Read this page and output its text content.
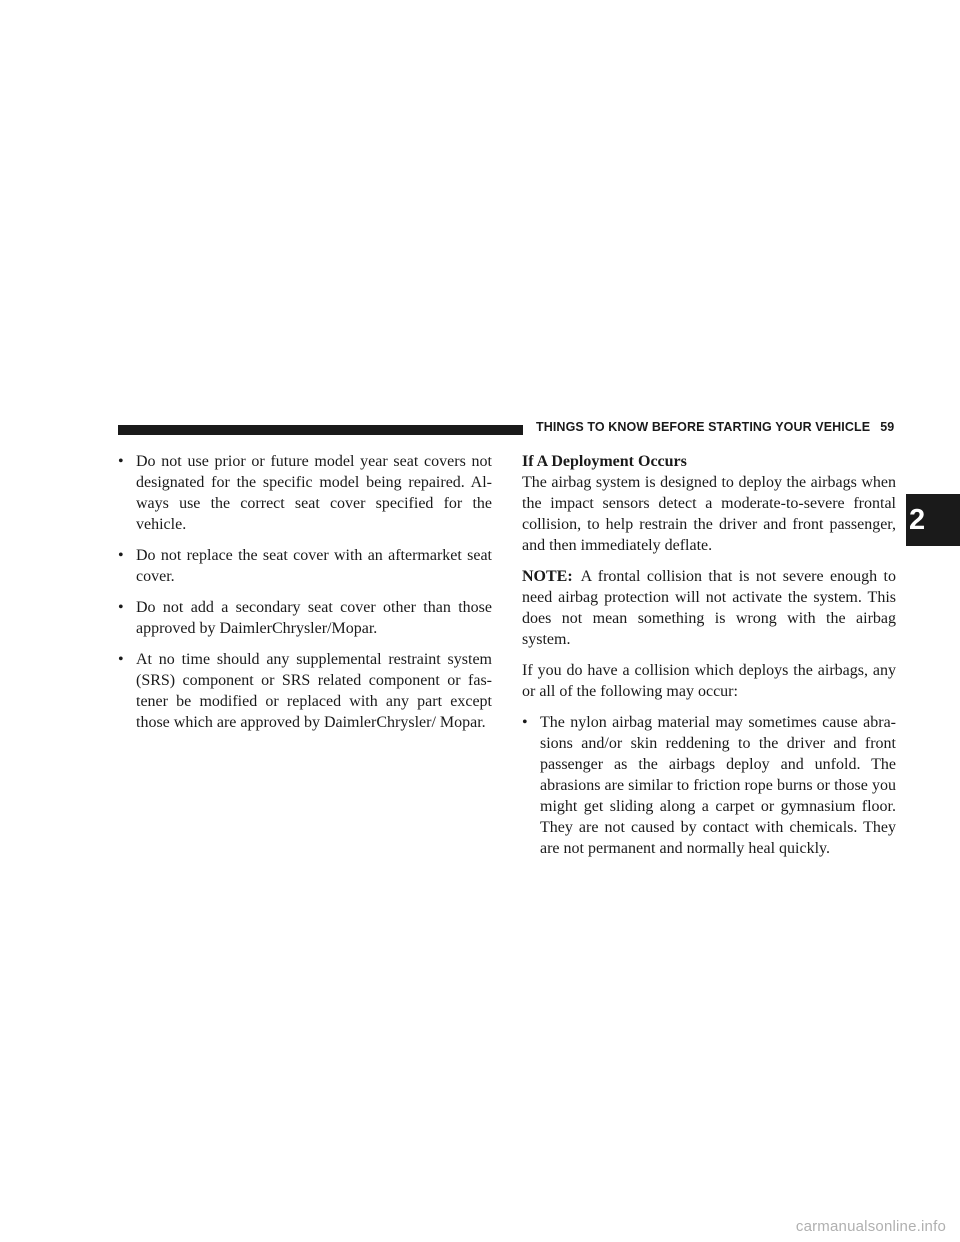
THINGS TO KNOW BEFORE STARTING YOUR VEHICLE 59
2
• Do not use prior or future model year seat covers not designated for the specific model being repaired. Al-ways use the correct seat cover specified for the vehicle.
• Do not replace the seat cover with an aftermarket seat cover.
• Do not add a secondary seat cover other than those approved by DaimlerChrysler/Mopar.
• At no time should any supplemental restraint system (SRS) component or SRS related component or fas-tener be modified or replaced with any part except those which are approved by DaimlerChrysler/ Mopar.
If A Deployment Occurs

The airbag system is designed to deploy the airbags when the impact sensors detect a moderate-to-severe frontal collision, to help restrain the driver and front passenger, and then immediately deflate.

NOTE: A frontal collision that is not severe enough to need airbag protection will not activate the system. This does not mean something is wrong with the airbag system.

If you do have a collision which deploys the airbags, any or all of the following may occur:

• The nylon airbag material may sometimes cause abra-sions and/or skin reddening to the driver and front passenger as the airbags deploy and unfold. The abrasions are similar to friction rope burns or those you might get sliding along a carpet or gymnasium floor. They are not caused by contact with chemicals. They are not permanent and normally heal quickly.
carmanualsonline.info
